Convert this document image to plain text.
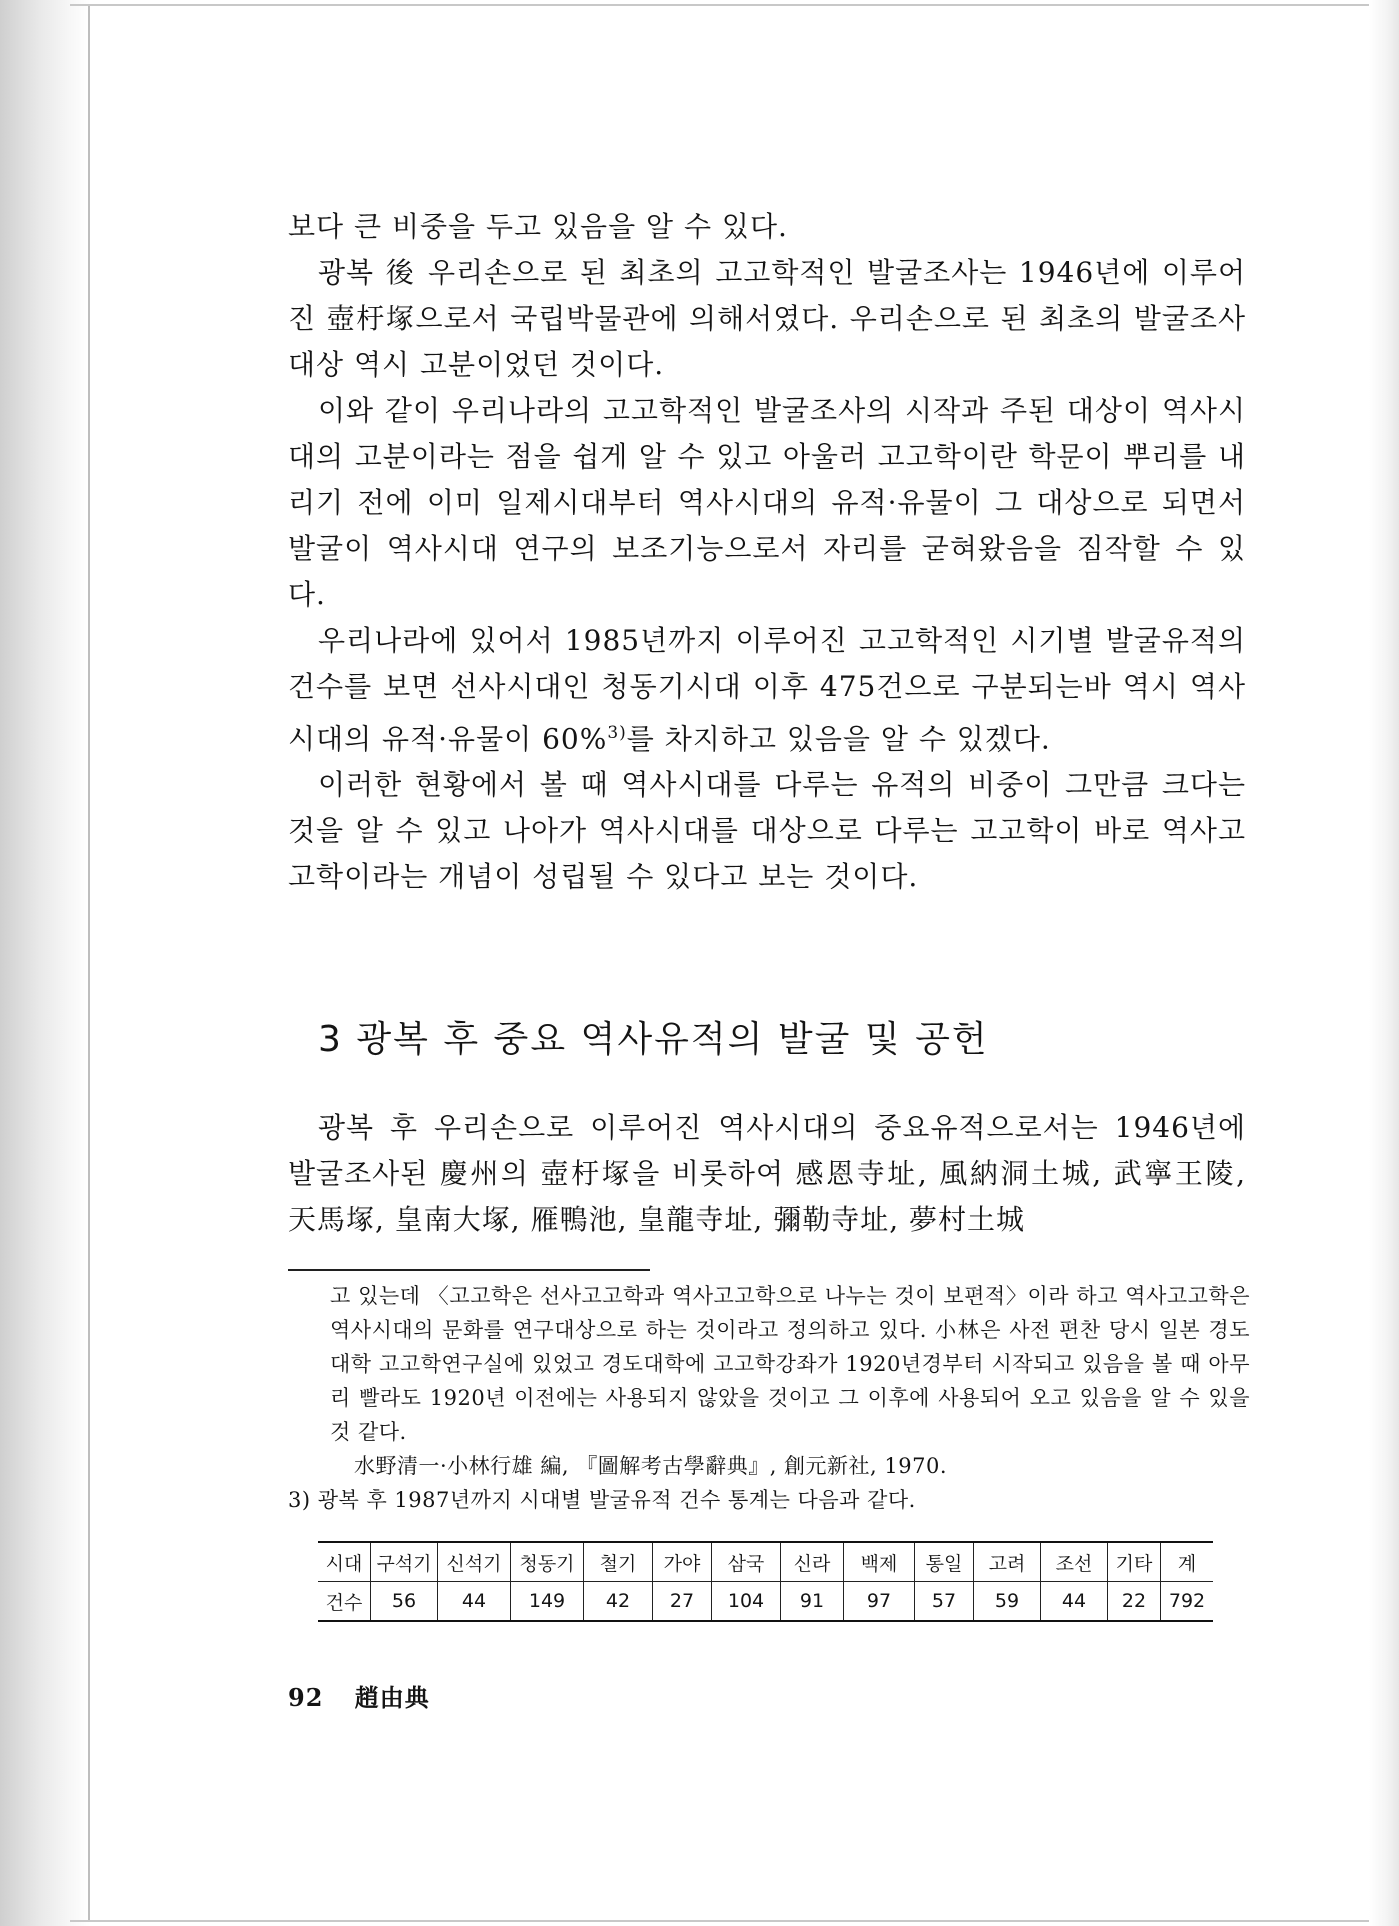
보다 큰 비중을 두고 있음을 알 수 있다.

광복 後 우리손으로 된 최초의 고고학적인 발굴조사는 1946년에 이루어진 壺杅塚으로서 국립박물관에 의해서였다. 우리손으로 된 최초의 발굴조사 대상 역시 고분이었던 것이다.

이와 같이 우리나라의 고고학적인 발굴조사의 시작과 주된 대상이 역사시대의 고분이라는 점을 쉽게 알 수 있고 아울러 고고학이란 학문이 뿌리를 내리기 전에 이미 일제시대부터 역사시대의 유적·유물이 그 대상으로 되면서 발굴이 역사시대 연구의 보조기능으로서 자리를 굳혀왔음을 짐작할 수 있다.

우리나라에 있어서 1985년까지 이루어진 고고학적인 시기별 발굴유적의 건수를 보면 선사시대인 청동기시대 이후 475건으로 구분되는바 역시 역사시대의 유적·유물이 60%$^{3)}$를 차지하고 있음을 알 수 있겠다.

이러한 현황에서 볼 때 역사시대를 다루는 유적의 비중이 그만큼 크다는 것을 알 수 있고 나아가 역사시대를 대상으로 다루는 고고학이 바로 역사고고학이라는 개념이 성립될 수 있다고 보는 것이다.

3 광복 후 중요 역사유적의 발굴 및 공헌

광복 후 우리손으로 이루어진 역사시대의 중요유적으로서는 1946년에 발굴조사된 慶州의 壺杅塚을 비롯하여 感恩寺址, 風納洞土城, 武寧王陵, 天馬塚, 皇南大塚, 雁鴨池, 皇龍寺址, 彌勒寺址, 夢村土城

고 있는데 〈고고학은 선사고고학과 역사고고학으로 나누는 것이 보편적〉이라 하고 역사고고학은 역사시대의 문화를 연구대상으로 하는 것이라고 정의하고 있다. 小林은 사전 편찬 당시 일본 경도대학 고고학연구실에 있었고 경도대학에 고고학강좌가 1920년경부터 시작되고 있음을 볼 때 아무리 빨라도 1920년 이전에는 사용되지 않았을 것이고 그 이후에 사용되어 오고 있음을 알 수 있을 것 같다.

水野清一·小林行雄 編, 『圖解考古學辭典』, 創元新社, 1970.

3) 광복 후 1987년까지 시대별 발굴유적 건수 통계는 다음과 같다.

시대	구석기	신석기	청동기	철기	가야	삼국	신라	백제	통일	고려	조선	기타	계
건수	56	44	149	42	27	104	91	97	57	59	44	22	792
92 趙由典
